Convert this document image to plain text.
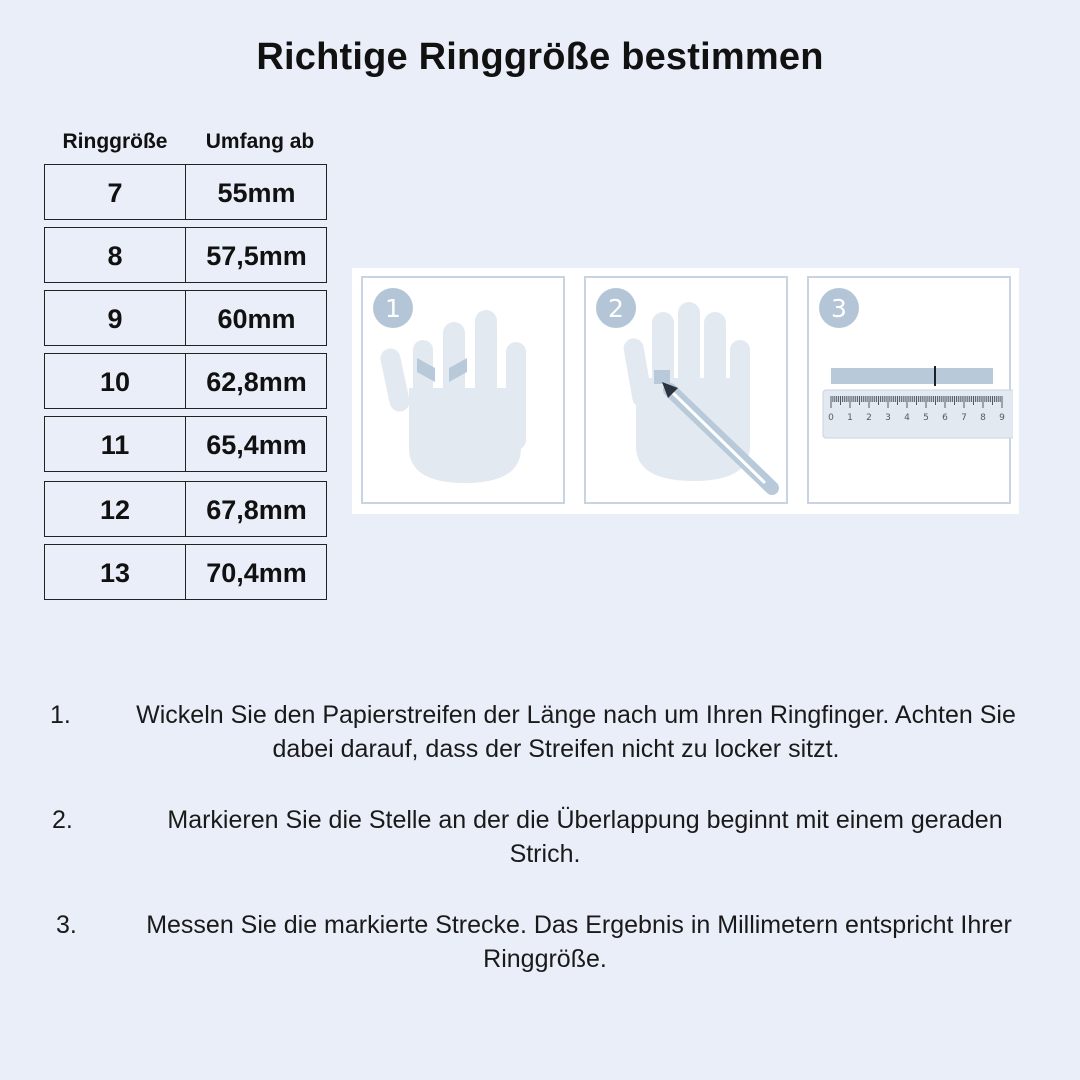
Richtige Ringgröße bestimmen
Ringgröße	Umfang ab
7	55mm
8	57,5mm
9	60mm
10	62,8mm
11	65,4mm
12	67,8mm
13	70,4mm
1	2	3
0 1 2 3 4 5 6 7 8 9
1.	Wickeln Sie den Papierstreifen der Länge nach um Ihren Ringfinger. Achten Sie
dabei darauf, dass der Streifen nicht zu locker sitzt.
2.	Markieren Sie die Stelle an der die Überlappung beginnt mit einem geraden
Strich.
3.	Messen Sie die markierte Strecke. Das Ergebnis in Millimetern entspricht Ihrer
Ringgröße.
